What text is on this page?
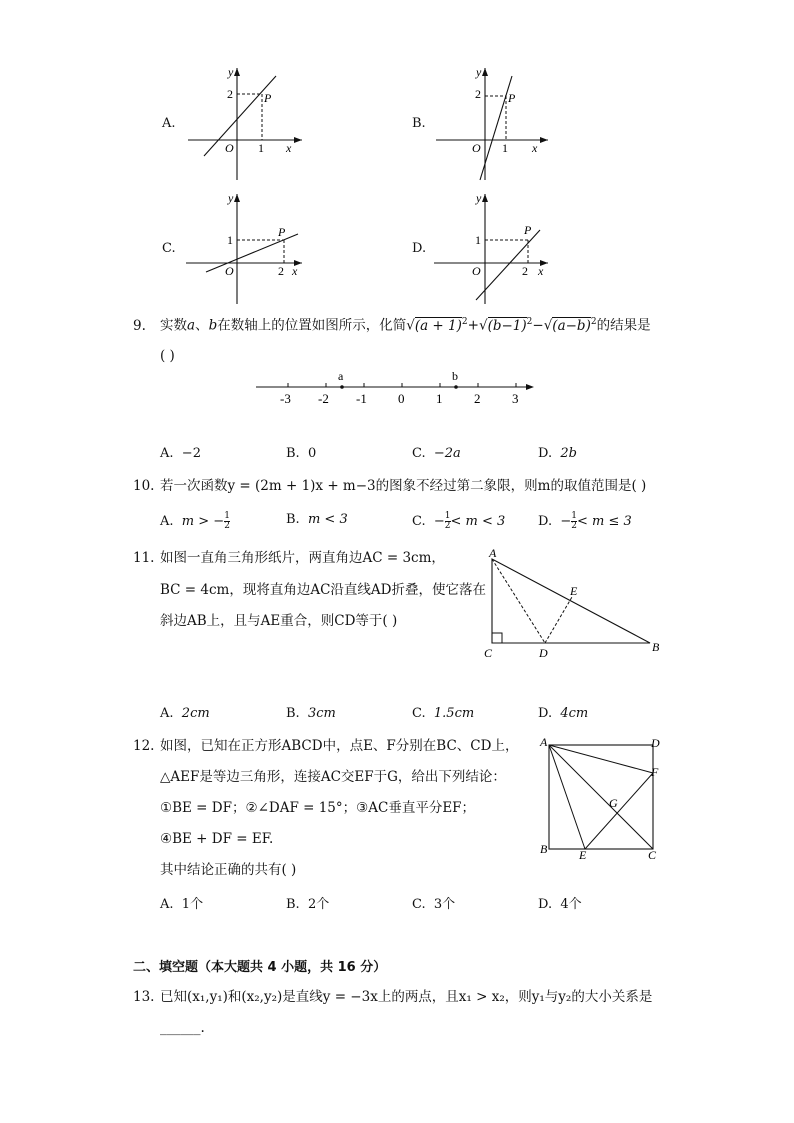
A.
y
2	P
O 1 x
B.
y
2 P
O 1 x
C.
y
1
P
O	2 x
D.
y
1
P
O	2 x
9. 实数a、b在数轴上的位置如图所示，化简$√(a + 1)^2+√(b-1)^2-√(a-b)^2$的结果是
( )
-3 -2 -1 0 1 2 3
a	b
A. −2	B. 0	C. −2a	D. 2b
10. 若一次函数y = (2m + 1)x + m−3的图象不经过第二象限，则m的取值范围是( )
A. m > − $\frac{1}{2}$	B. m < 3	C. − $\frac{1}{2} < m < 3$	D. − $\frac{1}{2} < m \le 3$
11. 如图一直角三角形纸片，两直角边AC = 3cm，
BC = 4cm，现将直角边AC沿直线AD折叠，使它落在
斜边AB上，且与AE重合，则CD等于( )
A
C	D	B
E
A. 2cm	B. 3cm	C. 1.5cm	D. 4cm
12. 如图，已知在正方形ABCD中，点E、F分别在BC、CD上，
△AEF是等边三角形，连接AC交EF于G，给出下列结论：
①BE = DF；②∠DAF = 15°；③AC垂直平分EF；
④BE + DF = EF.
其中结论正确的共有( )
A	D
B	C
E
F
G
A. 1个	B. 2个	C. 3个	D. 4个
二、填空题（本大题共 4 小题，共 16 分）
13. 已知(x₁,y₁)和(x₂,y₂)是直线y = −3x上的两点，且x₁ > x₂，则y₁与y₂的大小关系是
______.
